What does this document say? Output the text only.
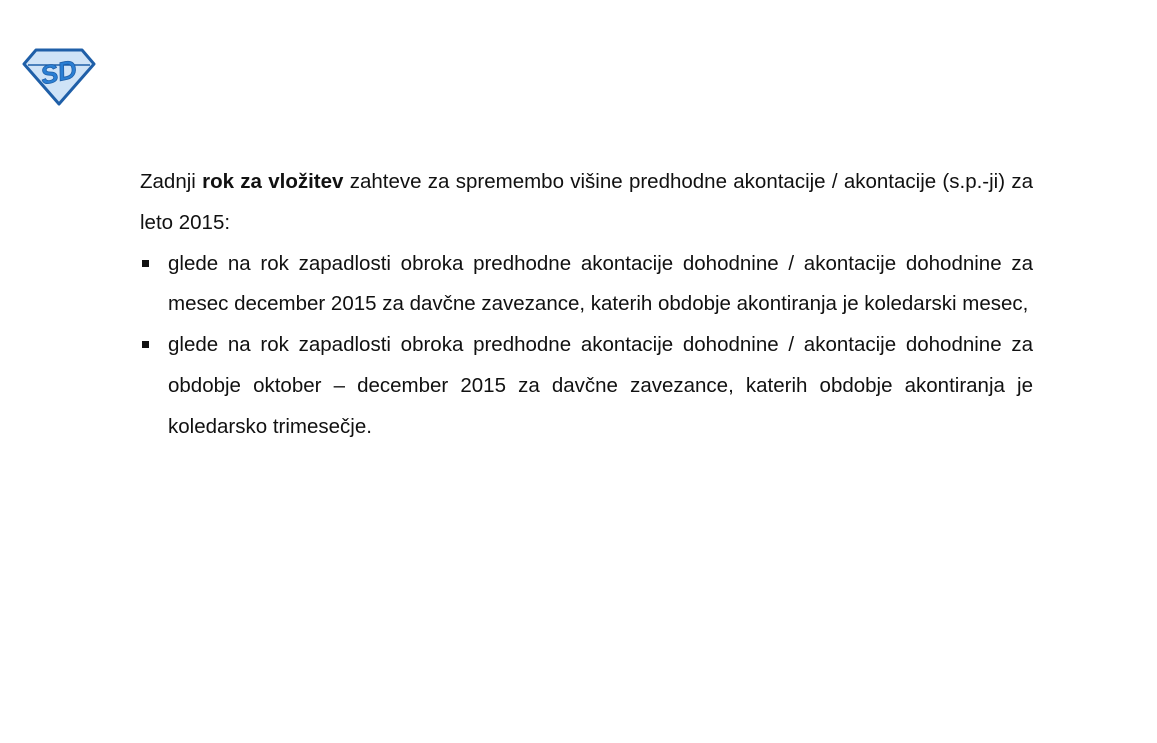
SD

Zadnji rok za vložitev zahteve za spremembo višine predhodne akontacije / akontacije (s.p.-ji) za leto 2015:

glede na rok zapadlosti obroka predhodne akontacije dohodnine / akontacije dohodnine za mesec december 2015 za davčne zavezance, katerih obdobje akontiranja je koledarski mesec,
glede na rok zapadlosti obroka predhodne akontacije dohodnine / akontacije dohodnine za obdobje oktober – december 2015 za davčne zavezance, katerih obdobje akontiranja je koledarsko trimesečje.
